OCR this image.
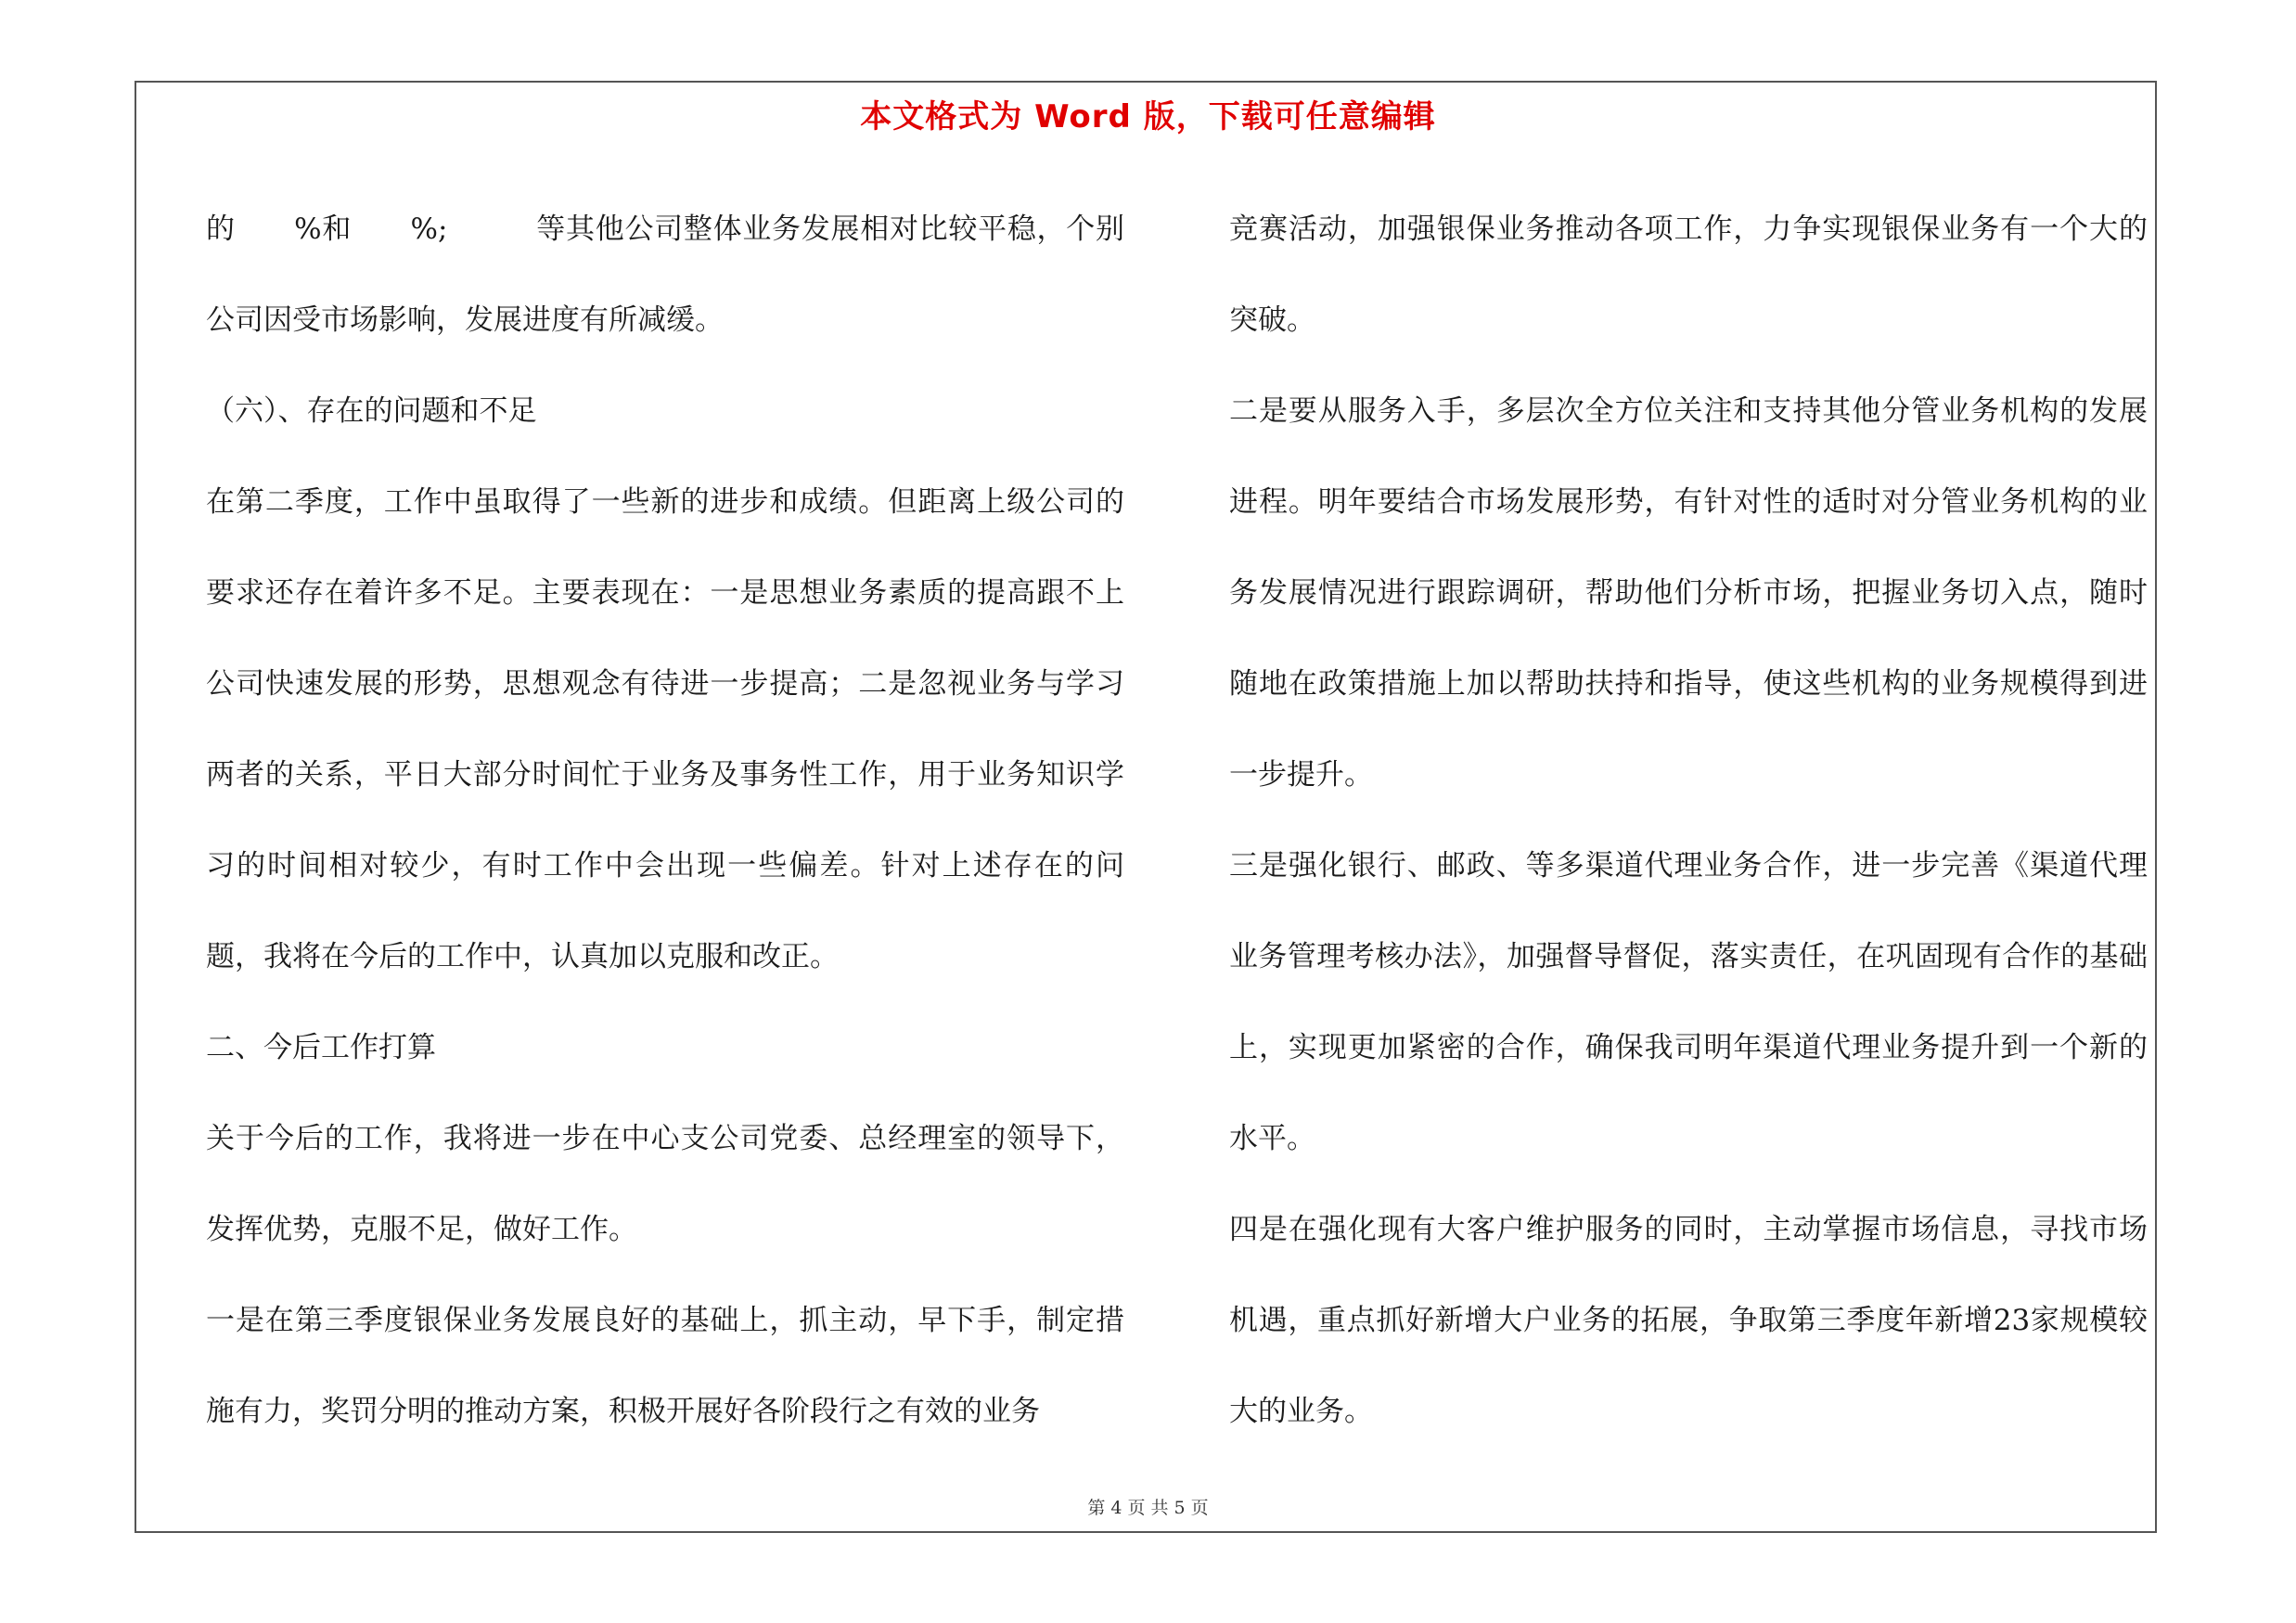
本文格式为 Word 版，下载可任意编辑

的　　%和　　%;　　　等其他公司整体业务发展相对比较平稳，个别公司因受市场影响，发展进度有所减缓。

（六）、存在的问题和不足

在第二季度，工作中虽取得了一些新的进步和成绩。但距离上级公司的要求还存在着许多不足。主要表现在：一是思想业务素质的提高跟不上公司快速发展的形势，思想观念有待进一步提高；二是忽视业务与学习两者的关系，平日大部分时间忙于业务及事务性工作，用于业务知识学习的时间相对较少，有时工作中会出现一些偏差。针对上述存在的问题，我将在今后的工作中，认真加以克服和改正。

二、今后工作打算

关于今后的工作，我将进一步在中心支公司党委、总经理室的领导下，发挥优势，克服不足，做好工作。

一是在第三季度银保业务发展良好的基础上，抓主动，早下手，制定措施有力，奖罚分明的推动方案，积极开展好各阶段行之有效的业务

竞赛活动，加强银保业务推动各项工作，力争实现银保业务有一个大的突破。

二是要从服务入手，多层次全方位关注和支持其他分管业务机构的发展进程。明年要结合市场发展形势，有针对性的适时对分管业务机构的业务发展情况进行跟踪调研，帮助他们分析市场，把握业务切入点，随时随地在政策措施上加以帮助扶持和指导，使这些机构的业务规模得到进一步提升。

三是强化银行、邮政、等多渠道代理业务合作，进一步完善《渠道代理业务管理考核办法》，加强督导督促，落实责任，在巩固现有合作的基础上，实现更加紧密的合作，确保我司明年渠道代理业务提升到一个新的水平。

四是在强化现有大客户维护服务的同时，主动掌握市场信息，寻找市场机遇，重点抓好新增大户业务的拓展，争取第三季度年新增23家规模较大的业务。

第 4 页 共 5 页
